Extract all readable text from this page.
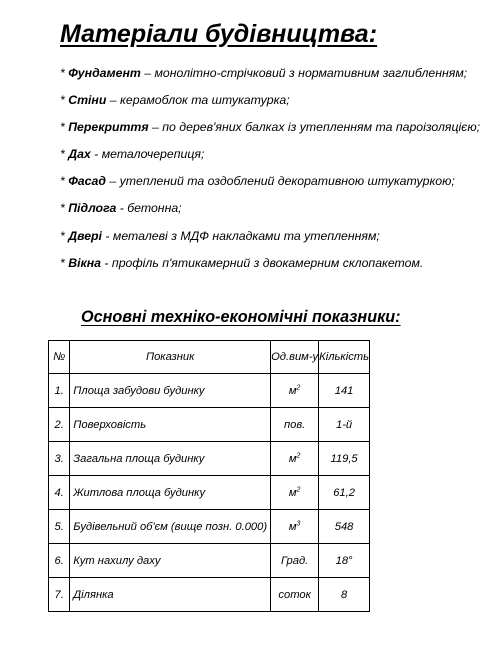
Матеріали будівництва:
* Фундамент – монолітно-стрічковий з нормативним заглибленням;
* Стіни – керамоблок та штукатурка;
* Перекриття – по дерев'яних балках із утепленням та пароізоляцією;
* Дах - металочерепиця;
* Фасад – утеплений та оздоблений декоративною штукатуркою;
* Підлога - бетонна;
* Двері - металеві з МДФ накладками та утепленням;
* Вікна - профіль п'ятикамерний з двокамерним склопакетом.
Основні техніко-економічні показники:
№	Показник	Од.вим-у	Кількість
1.	Площа забудови будинку	$м^2$	141
2.	Поверховість	пов.	1-й
3.	Загальна площа будинку	$м^2$	119,5
4.	Житлова площа будинку	$м^2$	61,2
5.	Будівельний об'єм (вище позн. 0.000)	$м^3$	548
6.	Кут нахилу даху	Град.	18°
7.	Ділянка	соток	8
